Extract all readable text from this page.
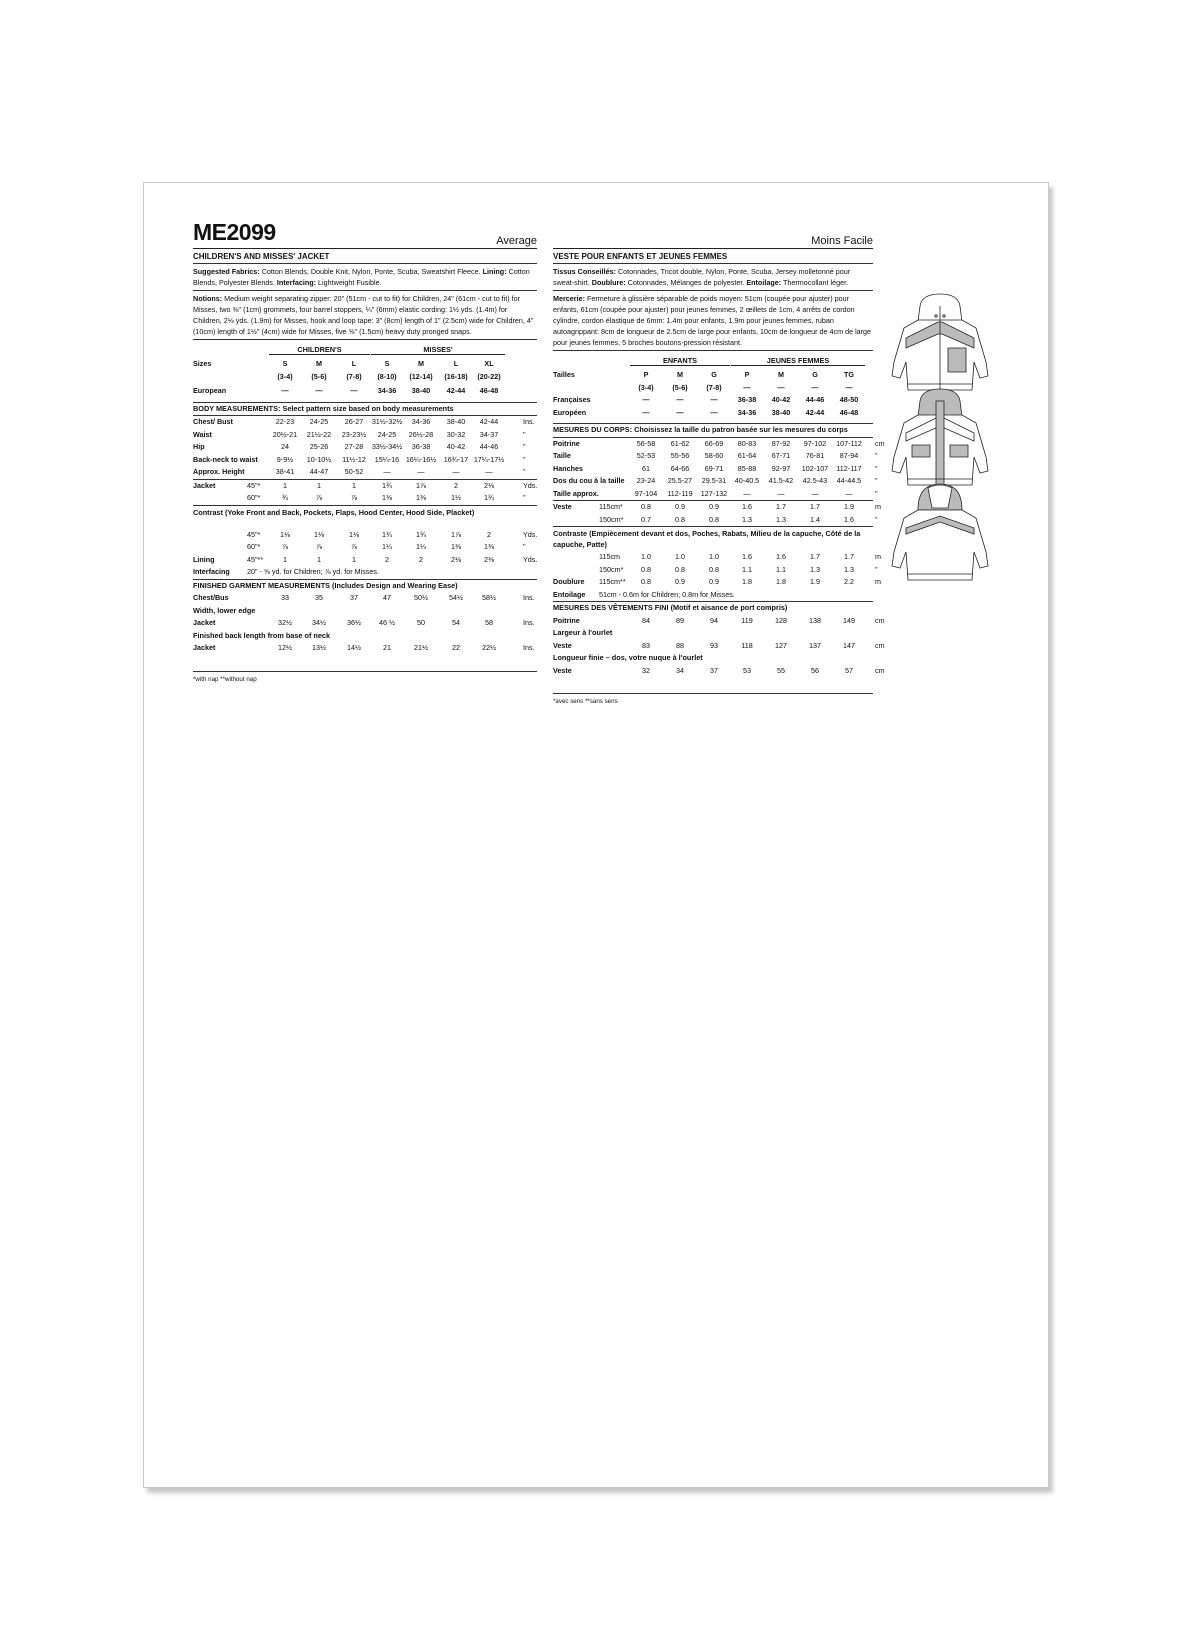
ME2099	Average
CHILDREN'S AND MISSES' JACKET
Suggested Fabrics: Cotton Blends, Double Knit, Nylon, Ponte, Scuba, Sweatshirt Fleece. Lining: Cotton Blends, Polyester Blends. Interfacing: Lightweight Fusible.
Notions: Medium weight separating zipper: 20" (51cm - cut to fit) for Children, 24" (61cm - cut to fit) for Misses, two ⅜" (1cm) grommets, four barrel stoppers, ¼" (6mm) elastic cording: 1½ yds. (1.4m) for Children, 2⅛ yds. (1.9m) for Misses, hook and loop tape: 3" (8cm) length of 1" (2.5cm) wide for Children, 4" (10cm) length of 1½" (4cm) wide for Misses, five ⅝" (1.5cm) heavy duty pronged snaps.
CHILDREN'S	MISSES'
Sizes	S	M	L	S	M	L	XL
(3-4)	(5-6)	(7-8) (8-10) (12-14) (16-18) (20-22)
European	—	—	—	34-36 38-40 42-44 46-48
BODY MEASUREMENTS: Select pattern size based on body measurements
Chest/ Bust	22-23 24-25 26-27 31½-32½ 34-36 38-40 42-44	Ins.
Waist	20½-21 21½-22 23-23½ 24-25 26½-28 30-32 34-37	"
Hip	24	25-26 27-28 33½-34½ 36-38 40-42 44-46	"
Back-neck to waist	9-9½ 10-10½ 11½-12 15¼-16 16¼-16½ 16¾-17 17¼-17½	"
Approx. Height	38-41 44-47 50-52	—	—	—	—	"
Jacket	45"*	1	1	1	1¾	1⅞	2	2⅛	Yds.
60"*	¾	⅞	⅞	1⅜	1⅜	1½	1¾	"
Contrast (Yoke Front and Back, Pockets, Flaps, Hood Center, Hood Side, Placket)
45"*	1⅛	1⅛	1⅛	1¾	1¾	1⅞	2	Yds.
60"*	⅞	⅞	⅞	1¼	1¼	1⅜	1⅜	"
Lining	45"**	1	1	1	2	2	2⅛	2⅜	Yds.
Interfacing 20" - ⅝ yd. for Children; ⅞ yd. for Misses.
FINISHED GARMENT MEASUREMENTS (Includes Design and Wearing Ease)
Chest/Bus	33	35	37	47	50½	54½	58½	Ins.
Width, lower edge
Jacket	32½	34½	36½	46 ½	50	54	58	Ins.
Finished back length from base of neck
Jacket	12½	13½	14½	21	21½	22	22½	Ins.
*with nap **without nap
Moins Facile
VESTE POUR ENFANTS ET JEUNES FEMMES
Tissus Conseillés: Cotonnades, Tricot double, Nylon, Ponte, Scuba, Jersey molletonné pour sweat-shirt. Doublure: Cotonnades, Mélanges de polyester. Entoilage: Thermocollant léger.
Mercerie: Fermeture à glissière séparable de poids moyen: 51cm (coupée pour ajuster) pour enfants, 61cm (coupée pour ajuster) pour jeunes femmes, 2 œillets de 1cm, 4 arrêts de cordon cylindre, cordon élastique de 6mm: 1.4m pour enfants, 1.9m pour jeunes femmes, ruban autoagrippant: 8cm de longueur de 2.5cm de large pour enfants, 10cm de longueur de 4cm de large pour jeunes femmes, 5 broches boutons-pression résistant.
ENFANTS	JEUNES FEMMES
Tailles	P	M	G	P	M	G	TG
(3-4)	(5-6)	(7-8)	—	—	—	—
Françaises	—	—	—	36-38 40-42 44-46 48-50
Européen	—	—	—	34-36 38-40 42-44 46-48
MESURES DU CORPS: Choisissez la taille du patron basée sur les mesures du corps
Poitrine	56-58 61-62 66-69 80-83 87-92 97-102 107-112 cm
Taille	52-53 55-56 58-60 61-64 67-71 76-81 87-94 "
Hanches	61	64-66 69-71 85-88 92-97 102-107 112-117 "
Dos du cou à la taille 23-24 25.5-27 29.5-31 40-40.5 41.5-42 42.5-43 44-44.5 "
Taille approx.	97-104 112-119 127-132 —	—	—	—	"
Veste	115cm*	0.8	0.9	0.9	1.6	1.7	1.7	1.9	m
150cm* 0.7	0.8	0.8	1.3	1.3	1.4	1.6	"
Contraste (Empiècement devant et dos, Poches, Rabats, Milieu de la capuche, Côté de la capuche, Patte)
115cm	1.0	1.0	1.0	1.6	1.6	1.7	1.7	m
150cm* 0.8	0.8	0.8	1.1	1.1	1.3	1.3	"
Doublure 115cm** 0.8	0.9	0.9	1.8	1.8	1.9	2.2	m
Entoilage 51cm - 0.6m for Children; 0.8m for Misses.
MESURES DES VÊTEMENTS FINI (Motif et aisance de port compris)
Poitrine	84	89	94	119	128	138	149	cm
Largeur à l'ourlet
Veste	83	88	93	118	127	137	147	cm
Longueur finie – dos, votre nuque à l'ourlet
Veste	32	34	37	53	55	56	57	cm
*avec sens **sans sens
